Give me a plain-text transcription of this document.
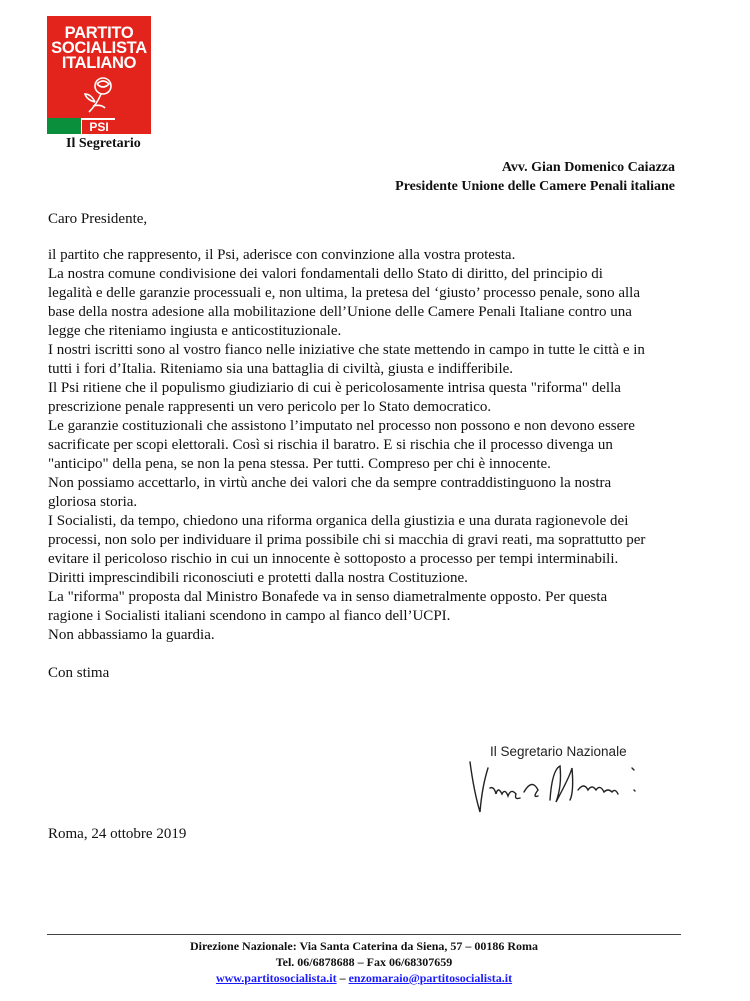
PARTITO
SOCIALISTA
ITALIANO
PSI
Il Segretario
Avv. Gian Domenico Caiazza
Presidente Unione delle Camere Penali italiane
Caro Presidente,

il partito che rappresento, il Psi, aderisce con convinzione alla vostra protesta.

La nostra comune condivisione dei valori fondamentali dello Stato di diritto, del principio di

legalità e delle garanzie processuali e, non ultima, la pretesa del ‘giusto’ processo penale, sono alla

base della nostra adesione alla mobilitazione dell’Unione delle Camere Penali Italiane contro una

legge che riteniamo ingiusta e anticostituzionale.

I nostri iscritti sono al vostro fianco nelle iniziative che state mettendo in campo in tutte le città e in

tutti i fori d’Italia. Riteniamo sia una battaglia di civiltà, giusta e indifferibile.

Il Psi ritiene che il populismo giudiziario di cui è pericolosamente intrisa questa "riforma" della

prescrizione penale rappresenti un vero pericolo per lo Stato democratico.

Le garanzie costituzionali che assistono l’imputato nel processo non possono e non devono essere

sacrificate per scopi elettorali. Così si rischia il baratro. E si rischia che il processo divenga un

"anticipo" della pena, se non la pena stessa. Per tutti. Compreso per chi è innocente.

Non possiamo accettarlo, in virtù anche dei valori che da sempre contraddistinguono la nostra

gloriosa storia.

I Socialisti, da tempo, chiedono una riforma organica della giustizia e una durata ragionevole dei

processi, non solo per individuare il prima possibile chi si macchia di gravi reati, ma soprattutto per

evitare il pericoloso rischio in cui un innocente è sottoposto a processo per tempi interminabili.

Diritti imprescindibili riconosciuti e protetti dalla nostra Costituzione.

La "riforma" proposta dal Ministro Bonafede va in senso diametralmente opposto. Per questa

ragione i Socialisti italiani scendono in campo al fianco dell’UCPI.

Non abbassiamo la guardia.
Con stima
Il Segretario Nazionale
Roma, 24 ottobre 2019
Direzione Nazionale: Via Santa Caterina da Siena, 57 – 00186 Roma
Tel. 06/6878688 – Fax 06/68307659
www.partitosocialista.it – enzomaraio@partitosocialista.it
